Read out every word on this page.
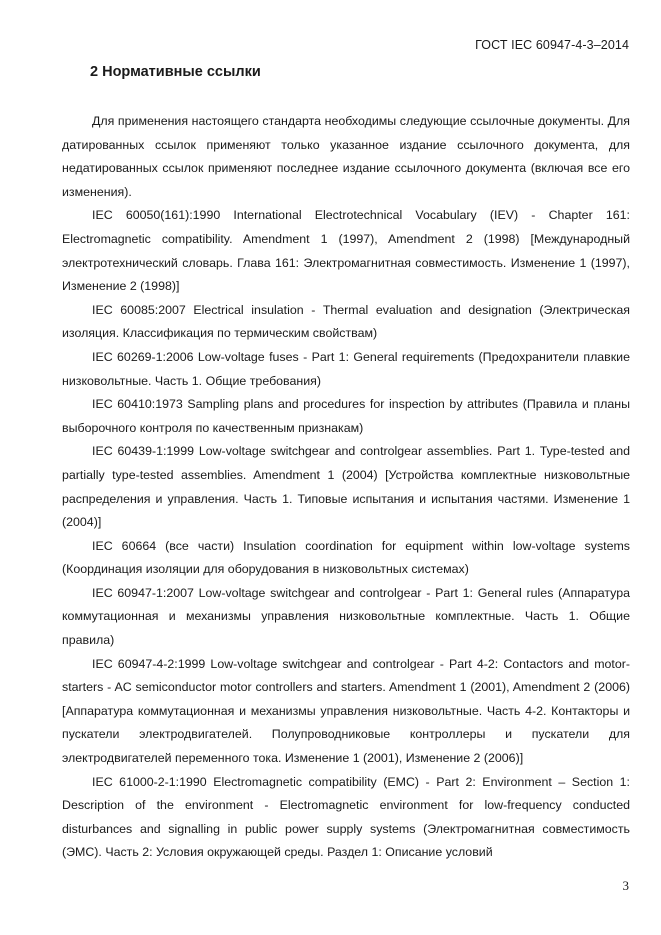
ГОСТ IEC 60947-4-3–2014
2 Нормативные ссылки

Для применения настоящего стандарта необходимы следующие ссылочные документы. Для датированных ссылок применяют только указанное издание ссылочного документа, для недатированных ссылок применяют последнее издание ссылочного документа (включая все его изменения).

IEC 60050(161):1990 International Electrotechnical Vocabulary (IEV) - Chapter 161: Electromagnetic compatibility. Amendment 1 (1997), Amendment 2 (1998) [Международный электротехнический словарь. Глава 161: Электромагнитная совместимость. Изменение 1 (1997), Изменение 2 (1998)]

IEC 60085:2007 Electrical insulation - Thermal evaluation and designation (Электрическая изоляция. Классификация по термическим свойствам)

IEC 60269-1:2006 Low-voltage fuses - Part 1: General requirements (Предохранители плавкие низковольтные. Часть 1. Общие требования)

IEC 60410:1973 Sampling plans and procedures for inspection by attributes (Правила и планы выборочного контроля по качественным признакам)

IEC 60439-1:1999 Low-voltage switchgear and controlgear assemblies. Part 1. Type-tested and partially type-tested assemblies. Amendment 1 (2004) [Устройства комплектные низковольтные распределения и управления. Часть 1. Типовые испытания и испытания частями. Изменение 1 (2004)]

IEC 60664 (все части) Insulation coordination for equipment within low-voltage systems (Координация изоляции для оборудования в низковольтных системах)

IEC 60947-1:2007 Low-voltage switchgear and controlgear - Part 1: General rules (Аппаратура коммутационная и механизмы управления низковольтные комплектные. Часть 1. Общие правила)

IEC 60947-4-2:1999 Low-voltage switchgear and controlgear - Part 4-2: Contactors and motor-starters - AC semiconductor motor controllers and starters. Amendment 1 (2001), Amendment 2 (2006) [Аппаратура коммутационная и механизмы управления низковольтные. Часть 4-2. Контакторы и пускатели электродвигателей. Полупроводниковые контроллеры и пускатели для электродвигателей переменного тока. Изменение 1 (2001), Изменение 2 (2006)]

IEC 61000-2-1:1990 Electromagnetic compatibility (EMC) - Part 2: Environment – Section 1: Description of the environment - Electromagnetic environment for low-frequency conducted disturbances and signalling in public power supply systems (Электромагнитная совместимость (ЭМС). Часть 2: Условия окружающей среды. Раздел 1: Описание условий

3
